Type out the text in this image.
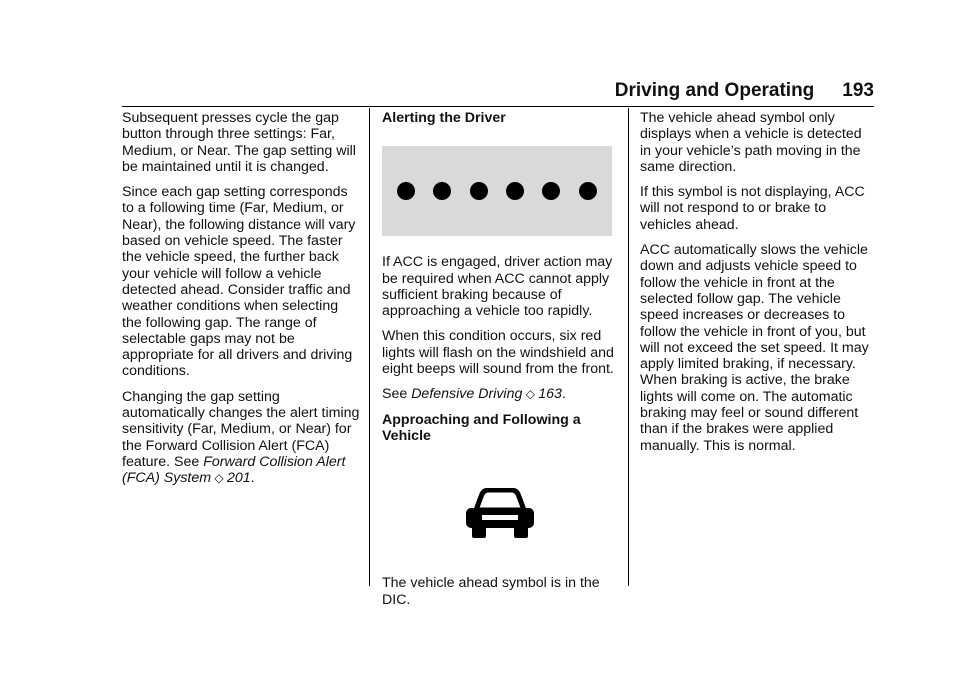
Driving and Operating 193

Subsequent presses cycle the gap button through three settings: Far, Medium, or Near. The gap setting will be maintained until it is changed.

Since each gap setting corresponds to a following time (Far, Medium, or Near), the following distance will vary based on vehicle speed. The faster the vehicle speed, the further back your vehicle will follow a vehicle detected ahead. Consider traffic and weather conditions when selecting the following gap. The range of selectable gaps may not be appropriate for all drivers and driving conditions.

Changing the gap setting automatically changes the alert timing sensitivity (Far, Medium, or Near) for the Forward Collision Alert (FCA) feature. See Forward Collision Alert (FCA) System ◇ 201.

Alerting the Driver

If ACC is engaged, driver action may be required when ACC cannot apply sufficient braking because of approaching a vehicle too rapidly.

When this condition occurs, six red lights will flash on the windshield and eight beeps will sound from the front.

See Defensive Driving ◇ 163.

Approaching and Following a Vehicle

The vehicle ahead symbol is in the DIC.

The vehicle ahead symbol only displays when a vehicle is detected in your vehicle’s path moving in the same direction.

If this symbol is not displaying, ACC will not respond to or brake to vehicles ahead.

ACC automatically slows the vehicle down and adjusts vehicle speed to follow the vehicle in front at the selected follow gap. The vehicle speed increases or decreases to follow the vehicle in front of you, but will not exceed the set speed. It may apply limited braking, if necessary. When braking is active, the brake lights will come on. The automatic braking may feel or sound different than if the brakes were applied manually. This is normal.
